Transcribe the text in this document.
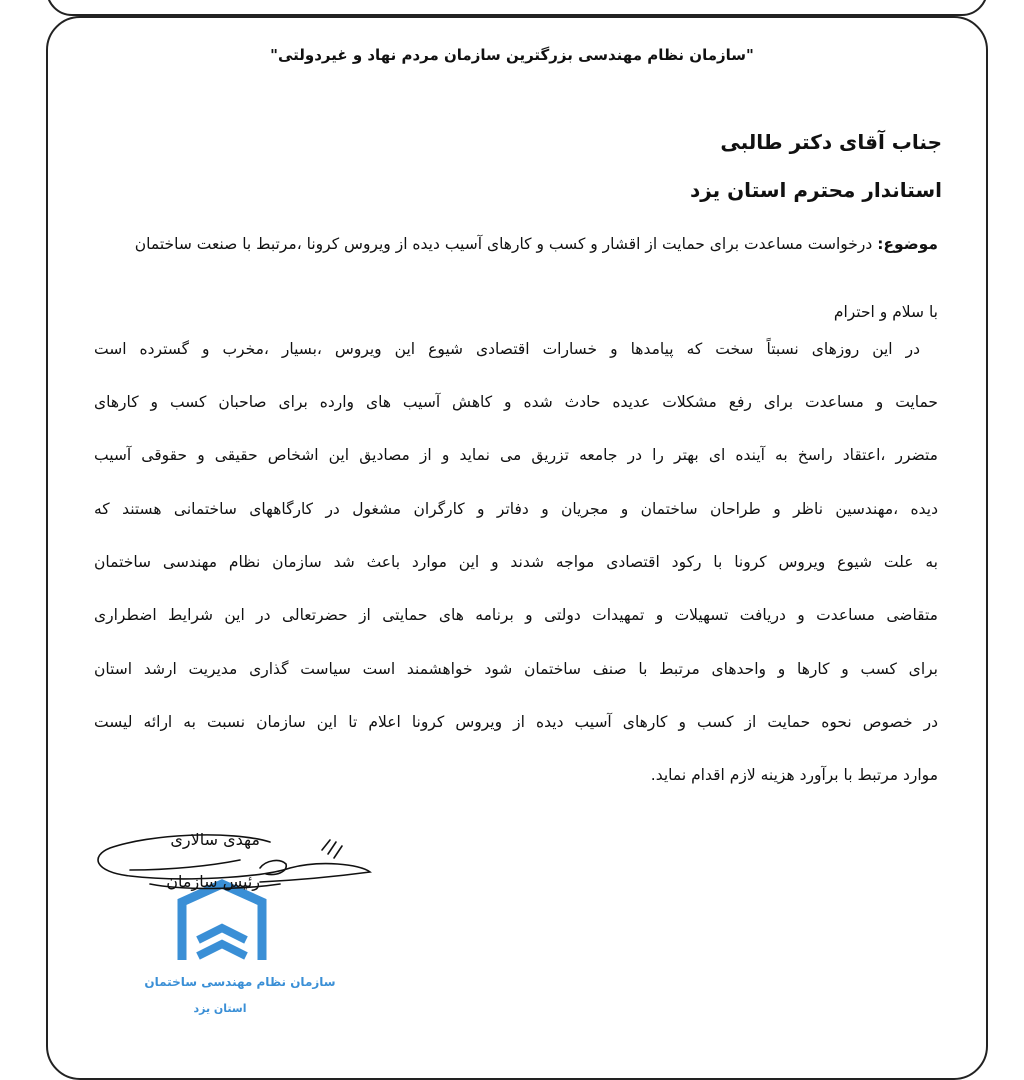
"سازمان نظام مهندسی بزرگترین سازمان مردم نهاد و غیردولتی"
جناب آقای دکتر طالبی
استاندار محترم استان یزد
موضوع: درخواست مساعدت برای حمایت از اقشار و کسب و کارهای آسیب دیده از ویروس کرونا ،مرتبط با صنعت ساختمان
با سلام و احترام
در این روزهای نسبتاً سخت که پیامدها و خسارات اقتصادی شیوع این ویروس ،بسیار ،مخرب و گسترده است
حمایت و مساعدت برای رفع مشکلات عدیده حادث شده و کاهش آسیب های وارده برای صاحبان کسب و کارهای
متضرر ،اعتقاد راسخ به آینده ای بهتر را در جامعه تزریق می نماید و از مصادیق این اشخاص حقیقی و حقوقی آسیب
دیده ،مهندسین ناظر و طراحان ساختمان و مجریان و دفاتر و کارگران مشغول در کارگاههای ساختمانی هستند که
به علت شیوع ویروس کرونا با رکود اقتصادی مواجه شدند و این موارد باعث شد سازمان نظام مهندسی ساختمان
متقاضی مساعدت و دریافت تسهیلات و تمهیدات دولتی و برنامه های حمایتی از حضرتعالی در این شرایط اضطراری
برای کسب و کارها و واحدهای مرتبط با صنف ساختمان شود خواهشمند است سیاست گذاری مدیریت ارشد استان
در خصوص نحوه حمایت از کسب و کارهای آسیب دیده از ویروس کرونا اعلام تا این سازمان نسبت به ارائه لیست
موارد مرتبط با برآورد هزینه لازم اقدام نماید.
سازمان نظام مهندسی ساختمان
استان یزد
مهدی سالاری
رئیس سازمان
